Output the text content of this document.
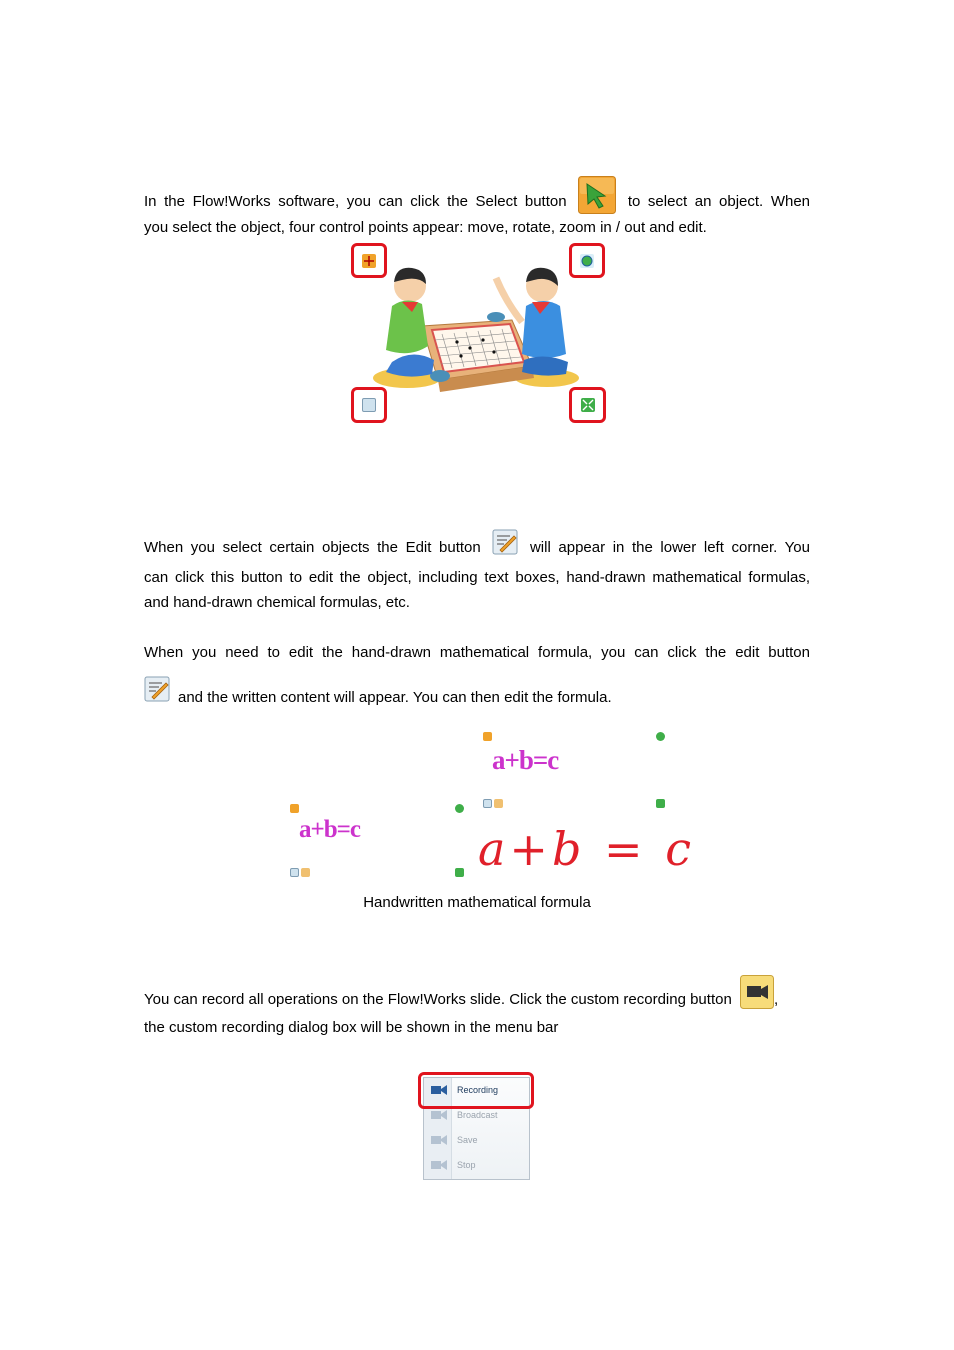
In the Flow!Works software, you can click the Select button	to select an object. When
you select the object, four control points appear: move, rotate, zoom in / out and edit.
When you select certain objects the Edit button	will appear in the lower left corner. You
can click this button to edit the object, including text boxes, hand-drawn mathematical formulas,
and hand-drawn chemical formulas, etc.
When you need to edit the hand-drawn mathematical formula, you can click the edit button
and the written content will appear. You can then edit the formula.
a+b=c
a+b=c	a+b = c
Handwritten mathematical formula
You can record all operations on the Flow!Works slide. Click the custom recording button	,
the custom recording dialog box will be shown in the menu bar
Recording
Broadcast
Save
Stop
